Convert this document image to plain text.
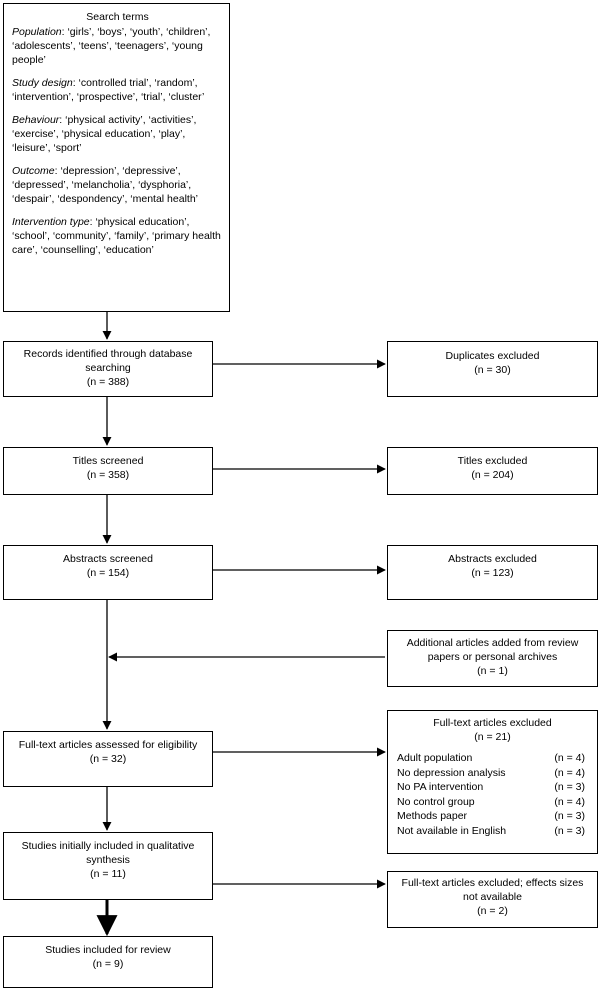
Search terms
Population: ‘girls’, ‘boys’, ‘youth’, ‘children’, ‘adolescents’, ‘teens’, ‘teenagers’, ‘young people’
Study design: ‘controlled trial’, ‘random’, ‘intervention’, ‘prospective’, ‘trial’, ‘cluster’
Behaviour: ‘physical activity’, ‘activities’, ‘exercise’, ‘physical education’, ‘play’, ‘leisure’, ‘sport’
Outcome: ‘depression’, ‘depressive’, ‘depressed’, ‘melancholia’, ‘dysphoria’, ‘despair’, ‘despondency’, ‘mental health’
Intervention type: ‘physical education’, ‘school’, ‘community’, ‘family’, ‘primary health care’, ‘counselling’, ‘education’
Records identified through database searching
(n = 388)
Duplicates excluded
(n = 30)
Titles screened
(n = 358)
Titles excluded
(n = 204)
Abstracts screened
(n = 154)
Abstracts excluded
(n = 123)
Additional articles added from review papers or personal archives
(n = 1)
Full-text articles assessed for eligibility
(n = 32)
Full-text articles excluded
(n = 21)
Adult population	(n = 4)
No depression analysis	(n = 4)
No PA intervention	(n = 3)
No control group	(n = 4)
Methods paper	(n = 3)
Not available in English	(n = 3)
Studies initially included in qualitative synthesis
(n = 11)
Full-text articles excluded; effects sizes not available
(n = 2)
Studies included for review
(n = 9)
